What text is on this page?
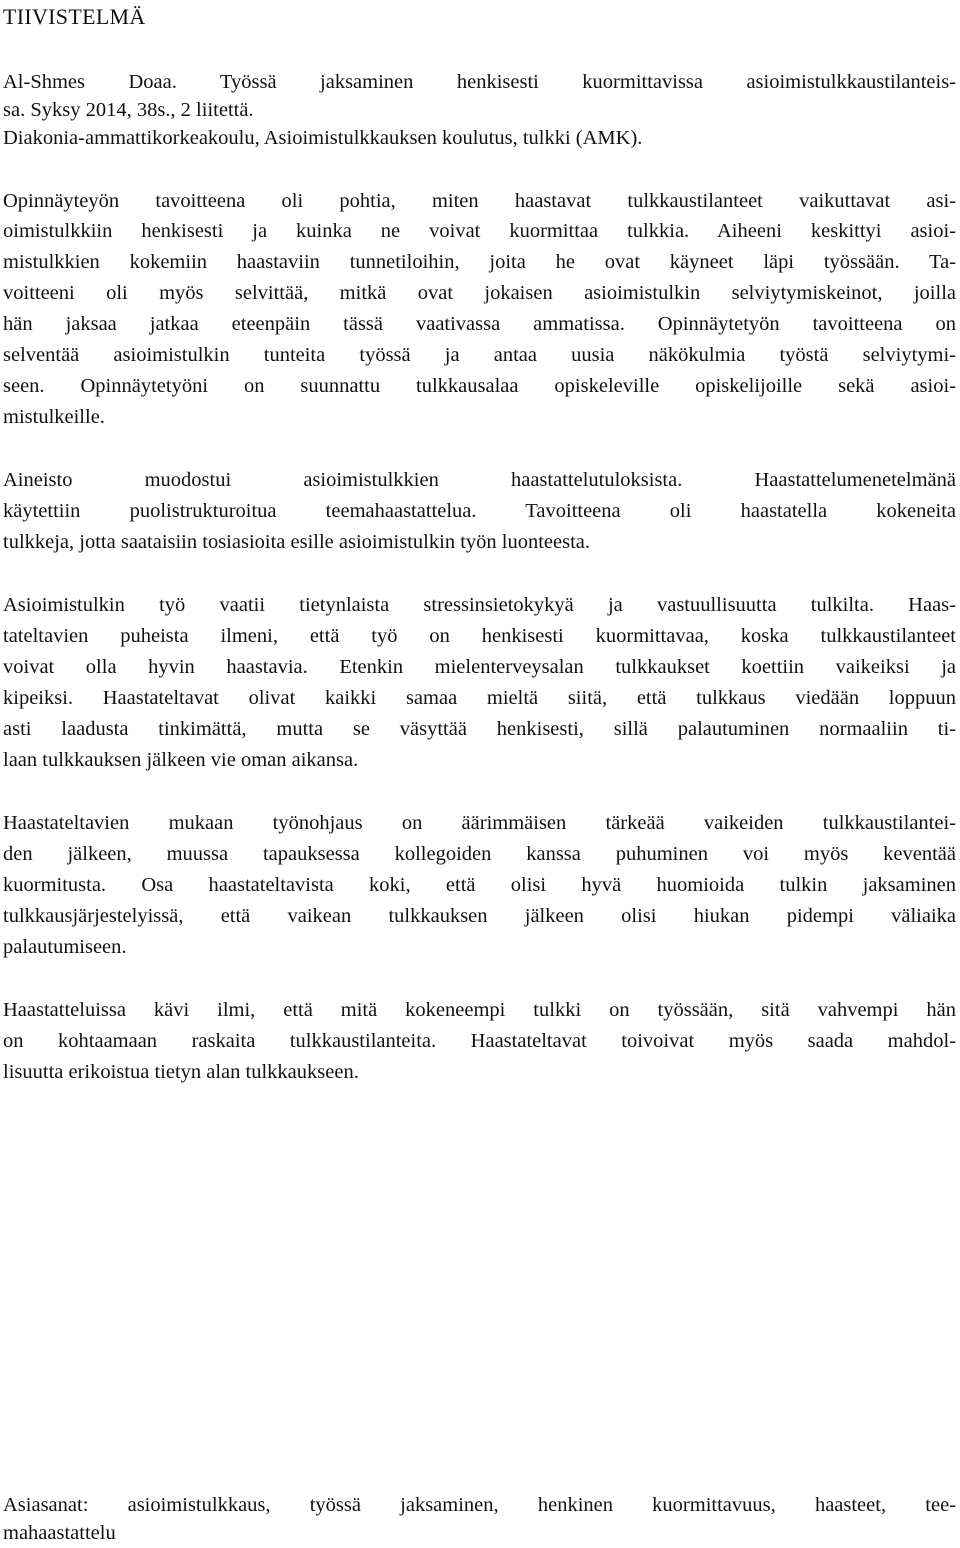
TIIVISTELMÄ
Al-Shmes Doaa. Työssä jaksaminen henkisesti kuormittavissa asioimistulkkaustilanteis-
sa. Syksy 2014, 38s., 2 liitettä.
Diakonia-ammattikorkeakoulu, Asioimistulkkauksen koulutus, tulkki (AMK).
Opinnäyteyön tavoitteena oli pohtia, miten haastavat tulkkaustilanteet vaikuttavat asi-
oimistulkkiin henkisesti ja kuinka ne voivat kuormittaa tulkkia. Aiheeni keskittyi asioi-
mistulkkien kokemiin haastaviin tunnetiloihin, joita he ovat käyneet läpi työssään. Ta-
voitteeni oli myös selvittää, mitkä ovat jokaisen asioimistulkin selviytymiskeinot, joilla
hän jaksaa jatkaa eteenpäin tässä vaativassa ammatissa. Opinnäytetyön tavoitteena on
selventää asioimistulkin tunteita työssä ja antaa uusia näkökulmia työstä selviytymi-
seen. Opinnäytetyöni on suunnattu tulkkausalaa opiskeleville opiskelijoille sekä asioi-
mistulkeille.
Aineisto muodostui asioimistulkkien haastattelutuloksista. Haastattelumenetelmänä
käytettiin puolistrukturoitua teemahaastattelua. Tavoitteena oli haastatella kokeneita
tulkkeja, jotta saataisiin tosiasioita esille asioimistulkin työn luonteesta.
Asioimistulkin työ vaatii tietynlaista stressinsietokykyä ja vastuullisuutta tulkilta. Haas-
tateltavien puheista ilmeni, että työ on henkisesti kuormittavaa, koska tulkkaustilanteet
voivat olla hyvin haastavia. Etenkin mielenterveysalan tulkkaukset koettiin vaikeiksi ja
kipeiksi. Haastateltavat olivat kaikki samaa mieltä siitä, että tulkkaus viedään loppuun
asti laadusta tinkimättä, mutta se väsyttää henkisesti, sillä palautuminen normaaliin ti-
laan tulkkauksen jälkeen vie oman aikansa.
Haastateltavien mukaan työnohjaus on äärimmäisen tärkeää vaikeiden tulkkaustilantei-
den jälkeen, muussa tapauksessa kollegoiden kanssa puhuminen voi myös keventää
kuormitusta. Osa haastateltavista koki, että olisi hyvä huomioida tulkin jaksaminen
tulkkausjärjestelyissä, että vaikean tulkkauksen jälkeen olisi hiukan pidempi väliaika
palautumiseen.
Haastatteluissa kävi ilmi, että mitä kokeneempi tulkki on työssään, sitä vahvempi hän
on kohtaamaan raskaita tulkkaustilanteita. Haastateltavat toivoivat myös saada mahdol-
lisuutta erikoistua tietyn alan tulkkaukseen.
Asiasanat: asioimistulkkaus, työssä jaksaminen, henkinen kuormittavuus, haasteet, tee-
mahaastattelu
